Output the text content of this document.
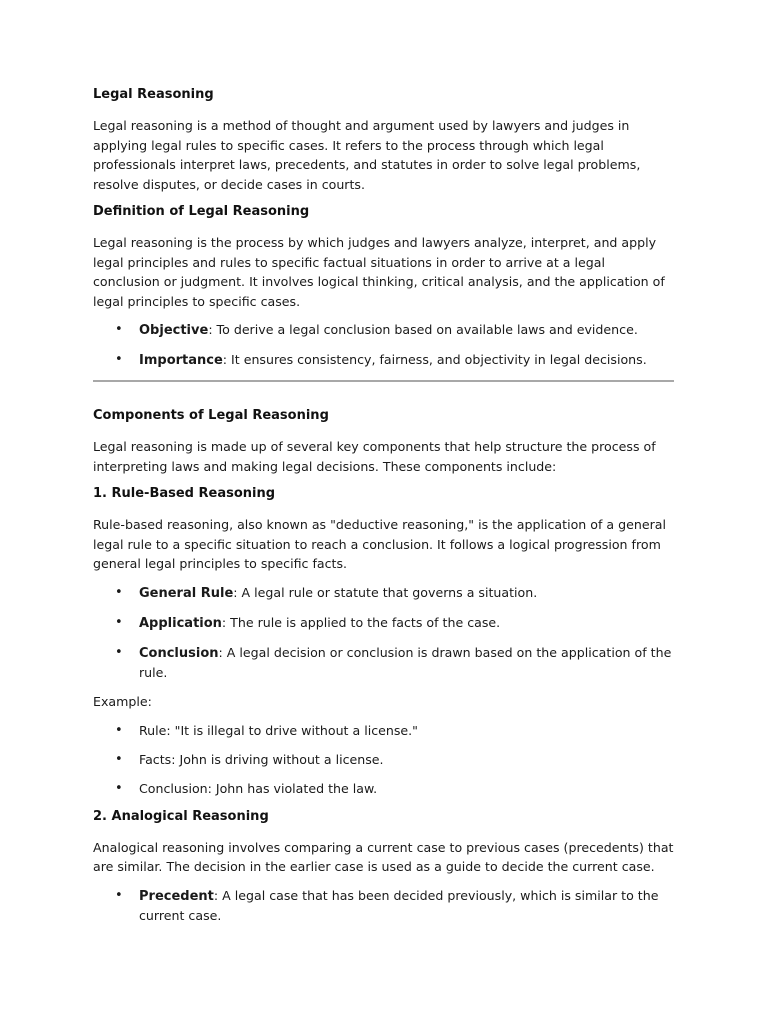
Legal Reasoning

Legal reasoning is a method of thought and argument used by lawyers and judges in applying legal rules to specific cases. It refers to the process through which legal professionals interpret laws, precedents, and statutes in order to solve legal problems, resolve disputes, or decide cases in courts.

Definition of Legal Reasoning

Legal reasoning is the process by which judges and lawyers analyze, interpret, and apply legal principles and rules to specific factual situations in order to arrive at a legal conclusion or judgment. It involves logical thinking, critical analysis, and the application of legal principles to specific cases.

• Objective: To derive a legal conclusion based on available laws and evidence.
• Importance: It ensures consistency, fairness, and objectivity in legal decisions.
Components of Legal Reasoning

Legal reasoning is made up of several key components that help structure the process of interpreting laws and making legal decisions. These components include:

1. Rule-Based Reasoning

Rule-based reasoning, also known as "deductive reasoning," is the application of a general legal rule to a specific situation to reach a conclusion. It follows a logical progression from general legal principles to specific facts.

• General Rule: A legal rule or statute that governs a situation.
• Application: The rule is applied to the facts of the case.
• Conclusion: A legal decision or conclusion is drawn based on the application of the rule.

Example:

• Rule: "It is illegal to drive without a license."
• Facts: John is driving without a license.
• Conclusion: John has violated the law.
2. Analogical Reasoning

Analogical reasoning involves comparing a current case to previous cases (precedents) that are similar. The decision in the earlier case is used as a guide to decide the current case.

• Precedent: A legal case that has been decided previously, which is similar to the current case.
